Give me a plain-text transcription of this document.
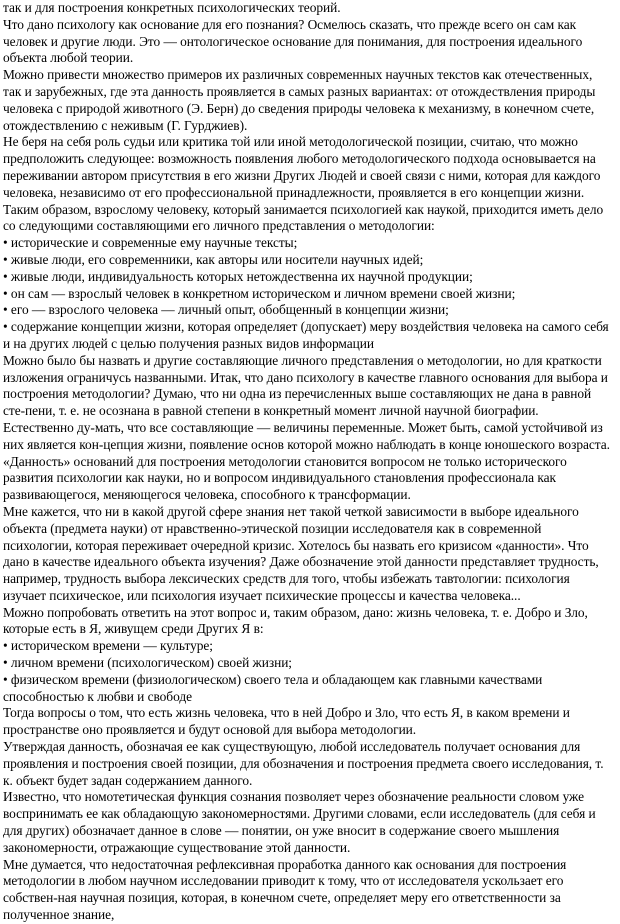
так и для построения конкретных психологических теорий.

Что дано психологу как основание для его познания? Осмелюсь сказать, что прежде всего он сам как человек и другие люди. Это — онтологическое основание для понимания, для построения идеального объекта любой теории.

Можно привести множество примеров их различных современных научных текстов как отечественных, так и зарубежных, где эта данность проявляется в самых разных вариантах: от отождествления природы человека с природой животного (Э. Берн) до сведения природы человека к механизму, в конечном счете, отождествлению с неживым (Г. Гурджиев).

Не беря на себя роль судьи или критика той или иной методологической позиции, считаю, что можно предположить следующее: возможность появления любого методологического подхода основывается на переживании автором присутствия в его жизни Других Людей и своей связи с ними, которая для каждого человека, независимо от его профессиональной принадлежности, проявляется в его концепции жизни.

Таким образом, взрослому человеку, который занимается психологией как наукой, приходится иметь дело со следующими составляющими его личного представления о методологии:

• исторические и современные ему научные тексты;
• живые люди, его современники, как авторы или носители научных идей;
• живые люди, индивидуальность которых нетождественна их научной продукции;
• он сам — взрослый человек в конкретном историческом и личном времени своей жизни;
• его — взрослого человека — личный опыт, обобщенный в концепции жизни;
• содержание концепции жизни, которая определяет (допускает) меру воздействия человека на самого себя и на других людей с целью получения разных видов информации

Можно было бы назвать и другие составляющие личного представления о методологии, но для краткости изложения ограничусь названными. Итак, что дано психологу в качестве главного основания для выбора и построения методологии? Думаю, что ни одна из перечисленных выше составляющих не дана в равной сте-пени, т. е. не осознана в равной степени в конкретный момент личной научной биографии. Естественно ду-мать, что все составляющие — величины переменные. Может быть, самой устойчивой из них является кон-цепция жизни, появление основ которой можно наблюдать в конце юношеского возраста.

«Данность» оснований для построения методологии становится вопросом не только исторического развития психологии как науки, но и вопросом индивидуального становления профессионала как развивающегося, меняющегося человека, способного к трансформации.

Мне кажется, что ни в какой другой сфере знания нет такой четкой зависимости в выборе идеального объекта (предмета науки) от нравственно-этической позиции исследователя как в современной психологии, которая переживает очередной кризис. Хотелось бы назвать его кризисом «данности». Что дано в качестве идеального объекта изучения? Даже обозначение этой данности представляет трудность, например, трудность выбора лексических средств для того, чтобы избежать тавтологии: психология изучает психическое, или психология изучает психические процессы и качества человека...

Можно попробовать ответить на этот вопрос и, таким образом, дано: жизнь человека, т. е. Добро и Зло, которые есть в Я, живущем среди Других Я в:

• историческом времени — культуре;
• личном времени (психологическом) своей жизни;
• физическом времени (физиологическом) своего тела и обладающем как главными качествами способностью к любви и свободе

Тогда вопросы о том, что есть жизнь человека, что в ней Добро и Зло, что есть Я, в каком времени и пространстве оно проявляется и будут основой для выбора методологии.

Утверждая данность, обозначая ее как существующую, любой исследователь получает основания для проявления и построения своей позиции, для обозначения и построения предмета своего исследования, т. к. объект будет задан содержанием данного.

Известно, что номотетическая функция сознания позволяет через обозначение реальности словом уже воспринимать ее как обладающую закономерностями. Другими словами, если исследователь (для себя и для других) обозначает данное в слове — понятии, он уже вносит в содержание своего мышления закономерности, отражающие существование этой данности.

Мне думается, что недостаточная рефлексивная проработка данного как основания для построения методологии в любом научном исследовании приводит к тому, что от исследователя ускользает его собствен-ная научная позиция, которая, в конечном счете, определяет меру его ответственности за полученное знание,
